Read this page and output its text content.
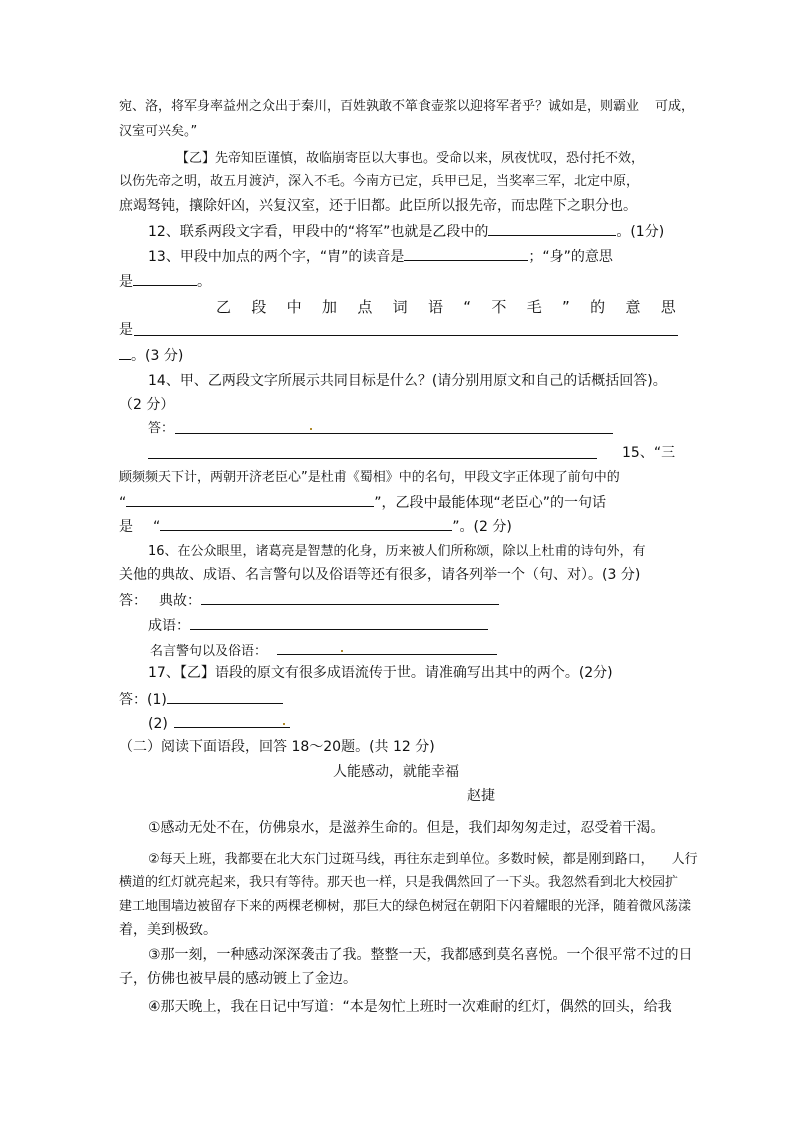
宛、洛，将军身率益州之众出于秦川，百姓孰敢不箪食壶浆以迎将军者乎？诚如是，则霸业 可成，
汉室可兴矣。”
【乙】先帝知臣谨慎，故临崩寄臣以大事也。受命以来，夙夜忧叹，恐付托不效，
以伤先帝之明，故五月渡泸，深入不毛。今南方已定，兵甲已足，当奖率三军，北定中原，
庶竭驽钝，攘除奸凶，兴复汉室，还于旧都。此臣所以报先帝，而忠陛下之职分也。
12、联系两段文字看，甲段中的“将军”也就是乙段中的	。(1分)
13、甲段中加点的两个字，“胄”的读音是	；“身”的意思
是	。
乙 段 中 加 点 词 语 “ 不 毛 ” 的 意 思
是
。(3 分)
14、甲、乙两段文字所展示共同目标是什么？(请分别用原文和自己的话概括回答)。
（2 分）
答：
15、“三
顾频频天下计，两朝开济老臣心”是杜甫《蜀相》中的名句，甲段文字正体现了前句中的
“	”，乙段中最能体现“老臣心”的一句话
是 “	”。(2 分)
16、在公众眼里，诸葛亮是智慧的化身，历来被人们所称颂，除以上杜甫的诗句外，有
关他的典故、成语、名言警句以及俗语等还有很多，请各列举一个（句、对）。(3 分)
答： 典故：
成语：
名言警句以及俗语：
17、【乙】语段的原文有很多成语流传于世。请准确写出其中的两个。(2分)
答：(1)
(2)
（二）阅读下面语段，回答 18～20题。(共 12 分)
人能感动，就能幸福
赵捷
①感动无处不在，仿佛泉水，是滋养生命的。但是，我们却匆匆走过，忍受着干渴。
②每天上班，我都要在北大东门过斑马线，再往东走到单位。多数时候，都是刚到路口， 人行
横道的红灯就亮起来，我只有等待。那天也一样，只是我偶然回了一下头。我忽然看到北大校园扩
建工地围墙边被留存下来的两棵老柳树，那巨大的绿色树冠在朝阳下闪着耀眼的光泽，随着微风荡漾
着，美到极致。
③那一刻，一种感动深深袭击了我。整整一天，我都感到莫名喜悦。一个很平常不过的日
子，仿佛也被早晨的感动镀上了金边。
④那天晚上，我在日记中写道：“本是匆忙上班时一次难耐的红灯，偶然的回头，给我
